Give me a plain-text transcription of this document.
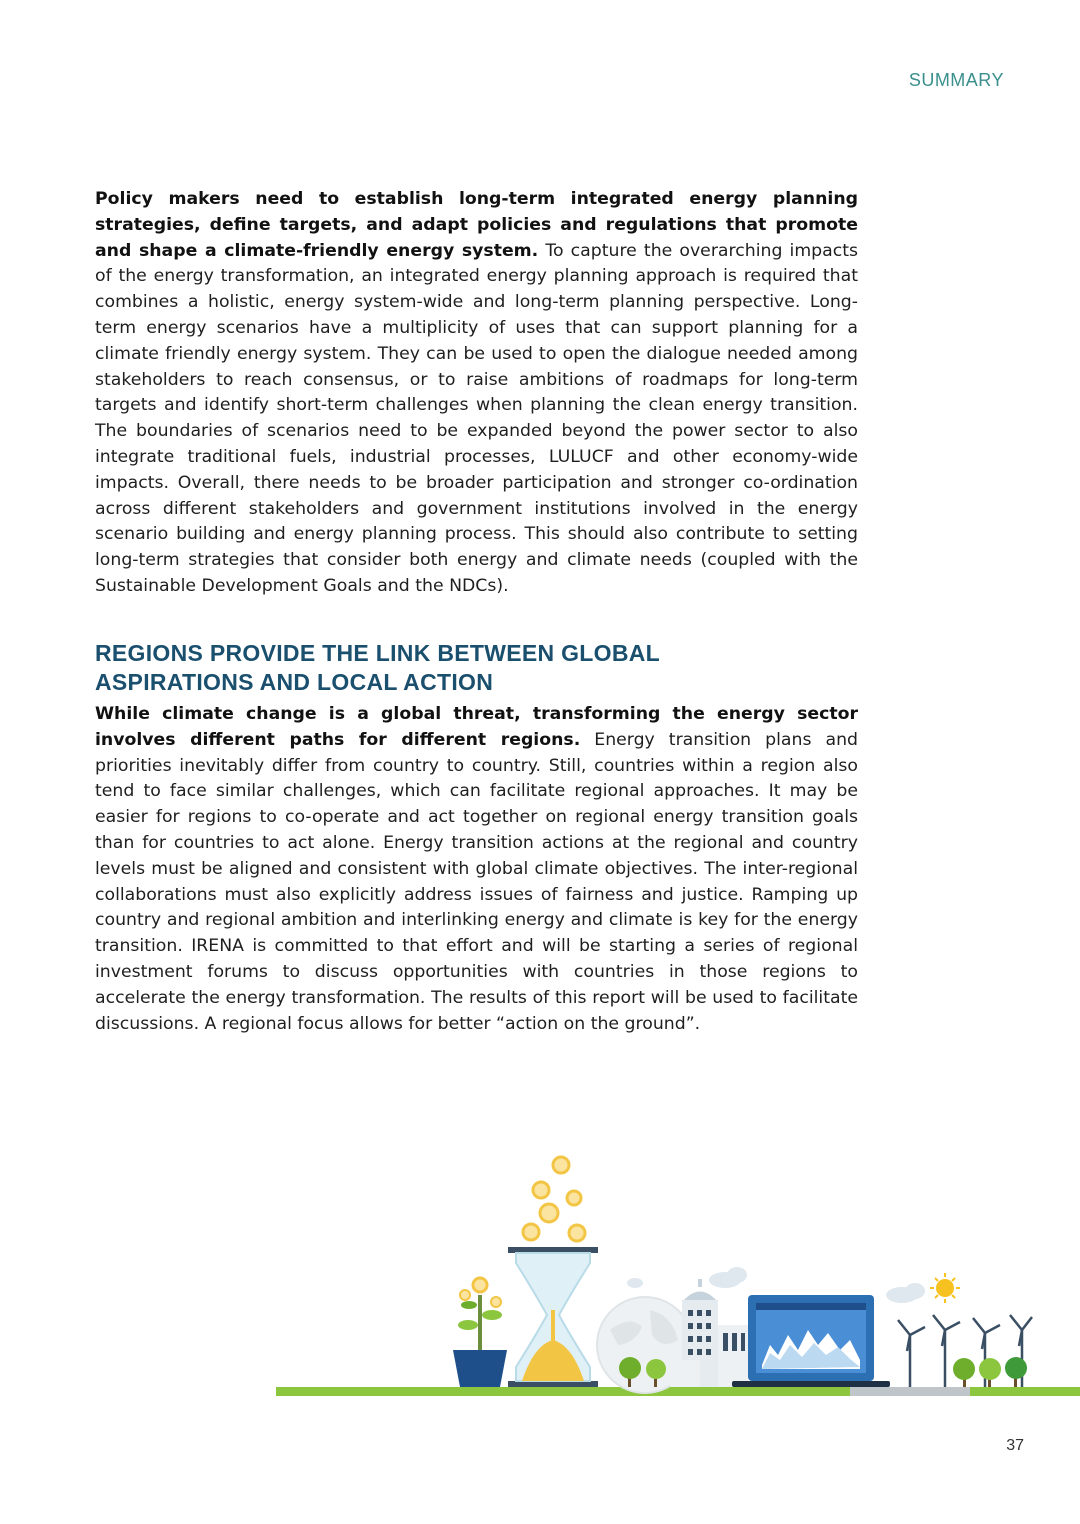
SUMMARY

Policy makers need to establish long-term integrated energy planning strategies, define targets, and adapt policies and regulations that promote and shape a climate-friendly energy system. To capture the overarching impacts of the energy transformation, an integrated energy planning approach is required that combines a holistic, energy system-wide and long-term planning perspective. Long-term energy scenarios have a multiplicity of uses that can support planning for a climate friendly energy system. They can be used to open the dialogue needed among stakeholders to reach consensus, or to raise ambitions of roadmaps for long-term targets and identify short-term challenges when planning the clean energy transition. The boundaries of scenarios need to be expanded beyond the power sector to also integrate traditional fuels, industrial processes, LULUCF and other economy-wide impacts. Overall, there needs to be broader participation and stronger co-ordination across different stakeholders and government institutions involved in the energy scenario building and energy planning process. This should also contribute to setting long-term strategies that consider both energy and climate needs (coupled with the Sustainable Development Goals and the NDCs).

REGIONS PROVIDE THE LINK BETWEEN GLOBAL
ASPIRATIONS AND LOCAL ACTION

While climate change is a global threat, transforming the energy sector involves different paths for different regions. Energy transition plans and priorities inevitably differ from country to country. Still, countries within a region also tend to face similar challenges, which can facilitate regional approaches. It may be easier for regions to co-operate and act together on regional energy transition goals than for countries to act alone. Energy transition actions at the regional and country levels must be aligned and consistent with global climate objectives. The inter-regional collaborations must also explicitly address issues of fairness and justice. Ramping up country and regional ambition and interlinking energy and climate is key for the energy transition. IRENA is committed to that effort and will be starting a series of regional investment forums to discuss opportunities with countries in those regions to accelerate the energy transformation. The results of this report will be used to facilitate discussions. A regional focus allows for better “action on the ground”.

37
